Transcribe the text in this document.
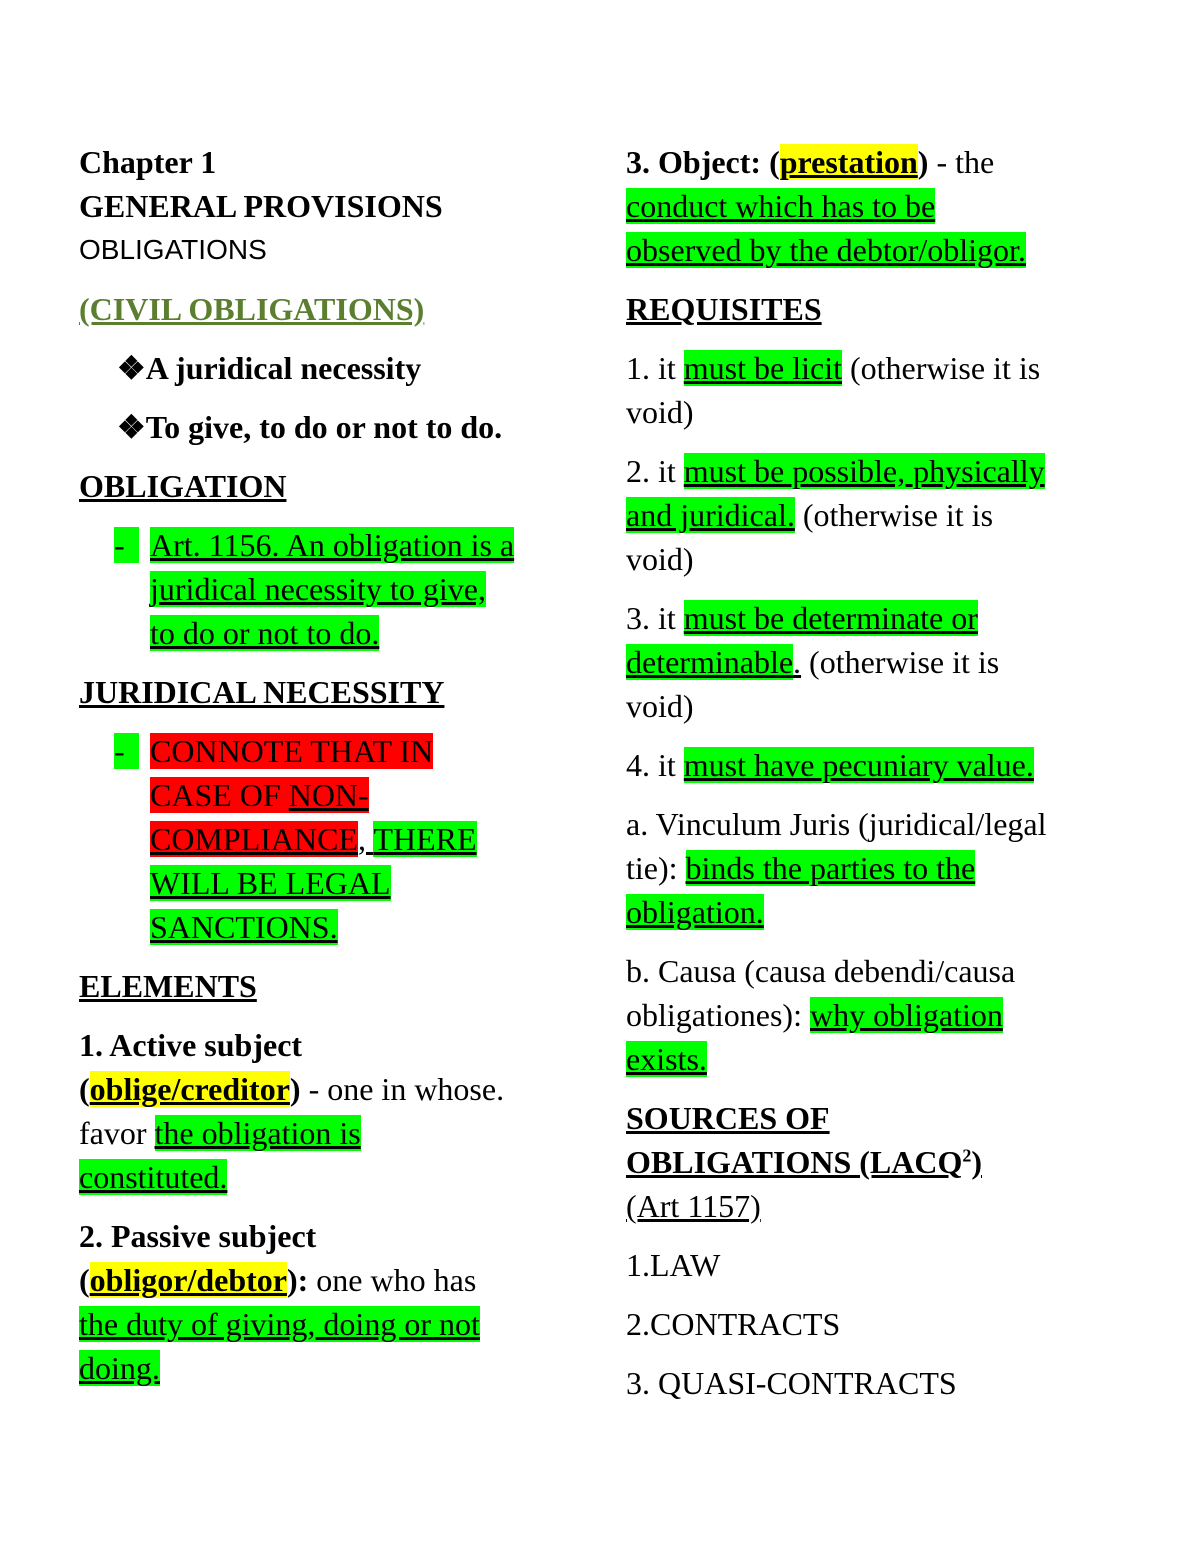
Chapter 1

GENERAL PROVISIONS

OBLIGATIONS

(CIVIL OBLIGATIONS)

❖A juridical necessity

❖To give, to do or not to do.

OBLIGATION

- Art. 1156. An obligation is a
juridical necessity to give,
to do or not to do.

JURIDICAL NECESSITY

- CONNOTE THAT IN
CASE OF NON-
COMPLIANCE, THERE
WILL BE LEGAL
SANCTIONS.

ELEMENTS

1. Active subject
(oblige/creditor) - one in whose.
favor the obligation is
constituted.
2. Passive subject
(obligor/debtor): one who has
the duty of giving, doing or not
doing.
3. Object: (prestation) - the
conduct which has to be
observed by the debtor/obligor.

REQUISITES

1. it must be licit (otherwise it is
void)
2. it must be possible, physically
and juridical. (otherwise it is
void)
3. it must be determinate or
determinable. (otherwise it is
void)
4. it must have pecuniary value.
a. Vinculum Juris (juridical/legal
tie): binds the parties to the
obligation.
b. Causa (causa debendi/causa
obligationes): why obligation
exists.
SOURCES OF
OBLIGATIONS (LACQ$^2$)
(Art 1157)

1.LAW

2.CONTRACTS

3. QUASI-CONTRACTS
